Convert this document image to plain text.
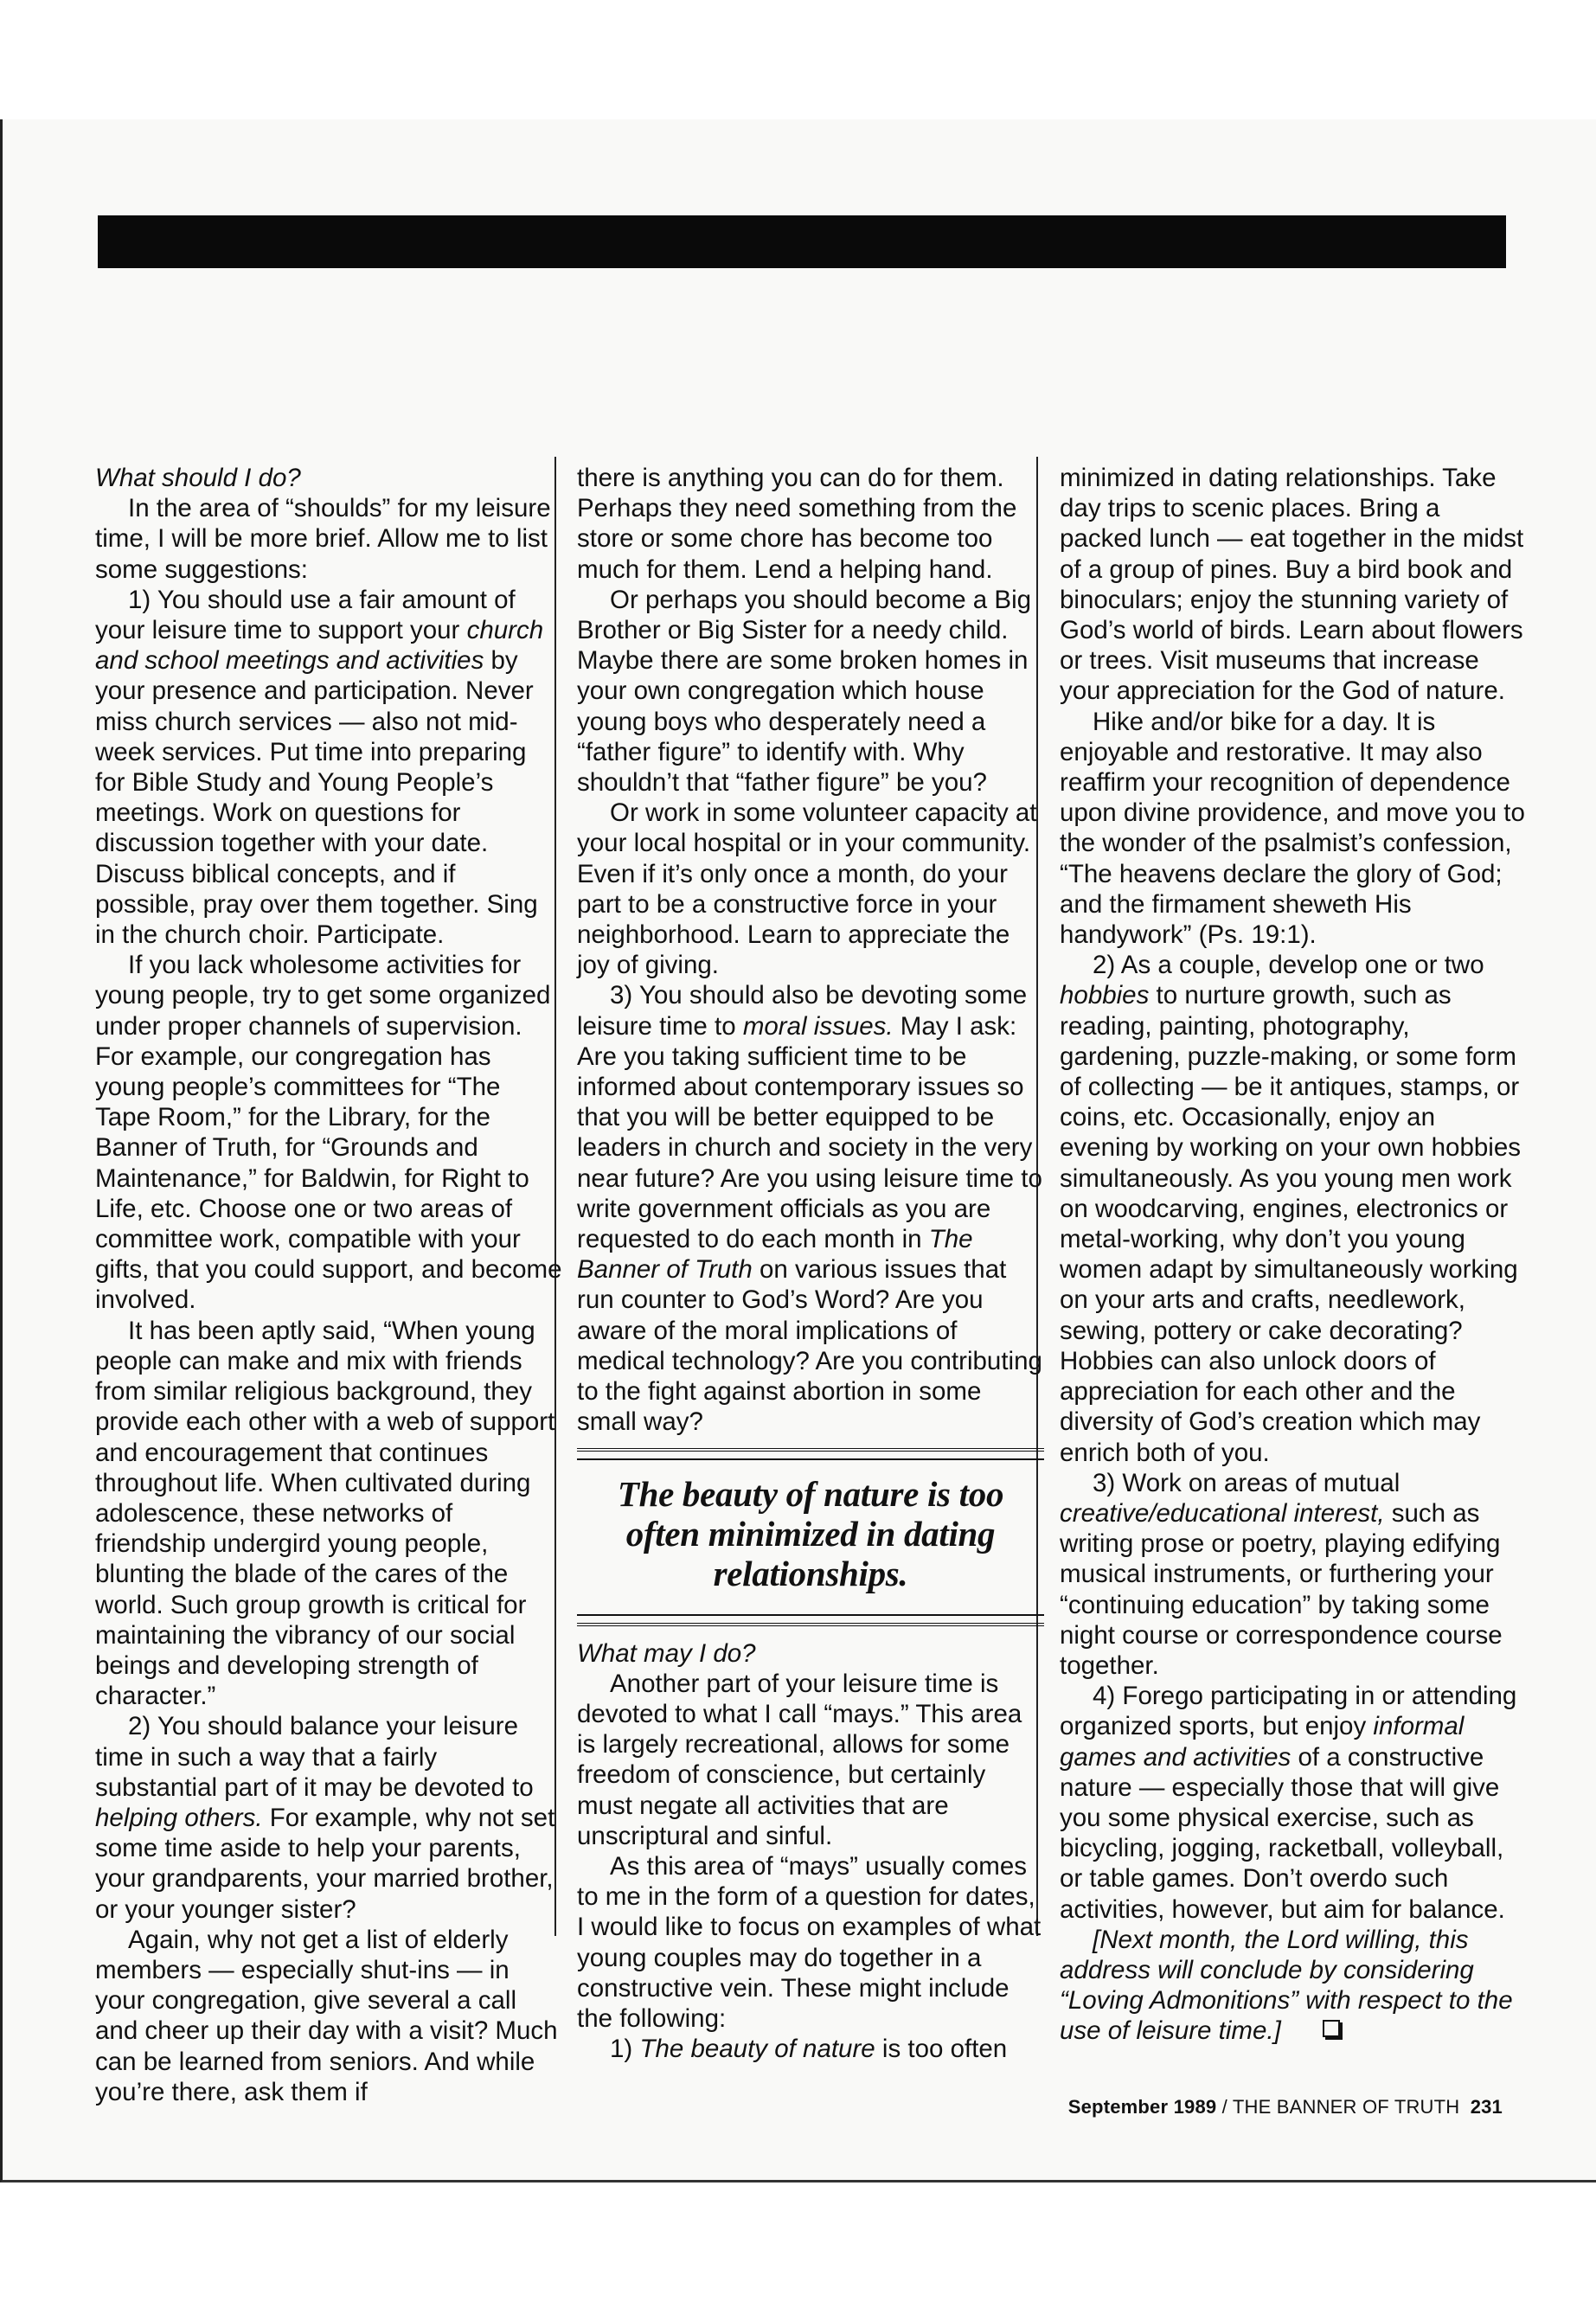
What should I do?

In the area of “shoulds” for my leisure time, I will be more brief. Allow me to list some suggestions:

1) You should use a fair amount of your leisure time to support your church and school meetings and activities by your presence and participation. Never miss church services — also not mid-week services. Put time into preparing for Bible Study and Young People’s meetings. Work on questions for discussion together with your date. Discuss biblical concepts, and if possible, pray over them together. Sing in the church choir. Participate.

If you lack wholesome activities for young people, try to get some organized under proper channels of supervision. For example, our congregation has young people’s committees for “The Tape Room,” for the Library, for the Banner of Truth, for “Grounds and Maintenance,” for Baldwin, for Right to Life, etc. Choose one or two areas of committee work, compatible with your gifts, that you could support, and become involved.

It has been aptly said, “When young people can make and mix with friends from similar religious background, they provide each other with a web of support and encouragement that continues throughout life. When cultivated during adolescence, these networks of friendship undergird young people, blunting the blade of the cares of the world. Such group growth is critical for maintaining the vibrancy of our social beings and developing strength of character.”

2) You should balance your leisure time in such a way that a fairly substantial part of it may be devoted to helping others. For example, why not set some time aside to help your parents, your grandparents, your married brother, or your younger sister?

Again, why not get a list of elderly members — especially shut-ins — in your congregation, give several a call and cheer up their day with a visit? Much can be learned from seniors. And while you’re there, ask them if

there is anything you can do for them. Perhaps they need something from the store or some chore has become too much for them. Lend a helping hand.

Or perhaps you should become a Big Brother or Big Sister for a needy child. Maybe there are some broken homes in your own congregation which house young boys who desperately need a “father figure” to identify with. Why shouldn’t that “father figure” be you?

Or work in some volunteer capacity at your local hospital or in your community. Even if it’s only once a month, do your part to be a constructive force in your neighborhood. Learn to appreciate the joy of giving.

3) You should also be devoting some leisure time to moral issues. May I ask: Are you taking sufficient time to be informed about contemporary issues so that you will be better equipped to be leaders in church and society in the very near future? Are you using leisure time to write government officials as you are requested to do each month in The Banner of Truth on various issues that run counter to God’s Word? Are you aware of the moral implications of medical technology? Are you contributing to the fight against abortion in some small way?

The beauty of nature is too often minimized in dating relationships.

What may I do?

Another part of your leisure time is devoted to what I call “mays.” This area is largely recreational, allows for some freedom of conscience, but certainly must negate all activities that are unscriptural and sinful.

As this area of “mays” usually comes to me in the form of a question for dates, I would like to focus on examples of what young couples may do together in a constructive vein. These might include the following:

1) The beauty of nature is too often

minimized in dating relationships. Take day trips to scenic places. Bring a packed lunch — eat together in the midst of a group of pines. Buy a bird book and binoculars; enjoy the stunning variety of God’s world of birds. Learn about flowers or trees. Visit museums that increase your appreciation for the God of nature.

Hike and/or bike for a day. It is enjoyable and restorative. It may also reaffirm your recognition of dependence upon divine providence, and move you to the wonder of the psalmist’s confession, “The heavens declare the glory of God; and the firmament sheweth His handywork” (Ps. 19:1).

2) As a couple, develop one or two hobbies to nurture growth, such as reading, painting, photography, gardening, puzzle-making, or some form of collecting — be it antiques, stamps, or coins, etc. Occasionally, enjoy an evening by working on your own hobbies simultaneously. As you young men work on woodcarving, engines, electronics or metal-working, why don’t you young women adapt by simultaneously working on your arts and crafts, needlework, sewing, pottery or cake decorating? Hobbies can also unlock doors of appreciation for each other and the diversity of God’s creation which may enrich both of you.

3) Work on areas of mutual creative/educational interest, such as writing prose or poetry, playing edifying musical instruments, or furthering your “continuing education” by taking some night course or correspondence course together.

4) Forego participating in or attending organized sports, but enjoy informal games and activities of a constructive nature — especially those that will give you some physical exercise, such as bicycling, jogging, racketball, volleyball, or table games. Don’t overdo such activities, however, but aim for balance.

[Next month, the Lord willing, this address will conclude by considering “Loving Admonitions” with respect to the use of leisure time.]

September 1989 / THE BANNER OF TRUTH 231
